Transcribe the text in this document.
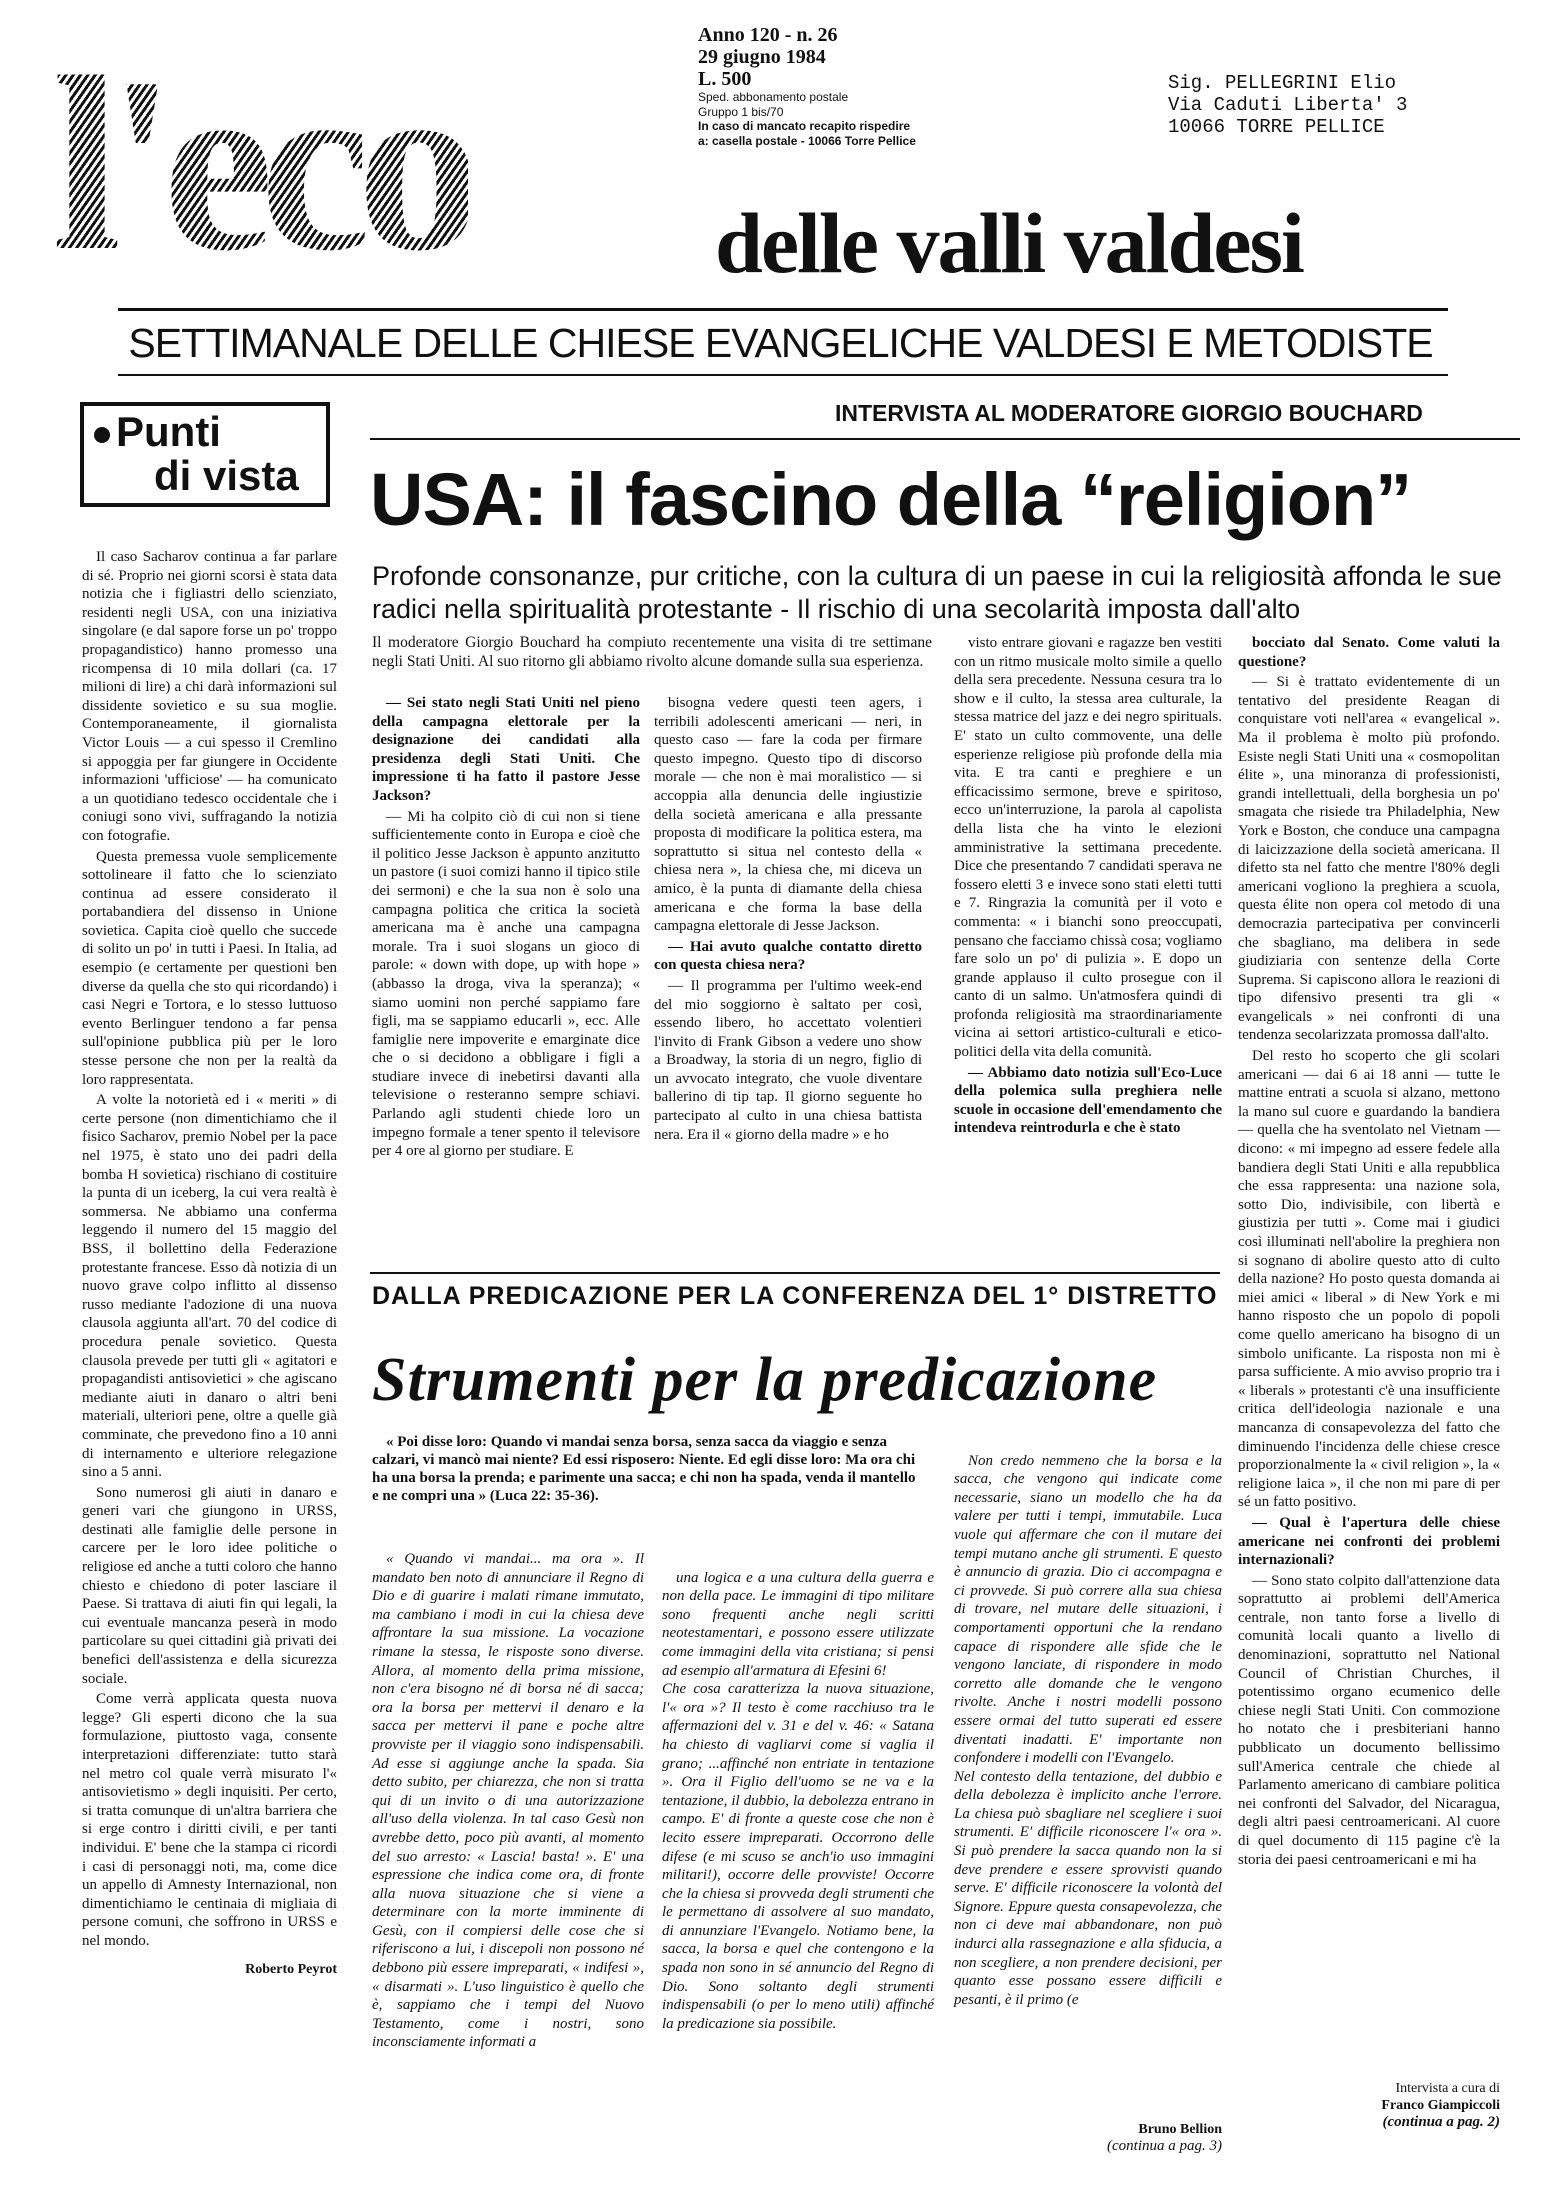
l'eco	Anno 120 - n. 26
29 giugno 1984
L. 500
Sped. abbonamento postale
Gruppo 1 bis/70
In caso di mancato recapito rispedire
a: casella postale - 10066 Torre Pellice
Sig. PELLEGRINI Elio
Via Caduti Liberta' 3
10066 TORRE PELLICE
delle valli valdesi
SETTIMANALE DELLE CHIESE EVANGELICHE VALDESI E METODISTE
Punti
di vista

Il caso Sacharov continua a far parlare di sé. Proprio nei giorni scorsi è stata data notizia che i figliastri dello scienziato, residenti negli USA, con una iniziativa singolare (e dal sapore forse un po' troppo propagandistico) hanno promesso una ricompensa di 10 mila dollari (ca. 17 milioni di lire) a chi darà informazioni sul dissidente sovietico e su sua moglie. Contemporaneamente, il giornalista Victor Louis — a cui spesso il Cremlino si appoggia per far giungere in Occidente informazioni 'ufficiose' — ha comunicato a un quotidiano tedesco occidentale che i coniugi sono vivi, suffragando la notizia con fotografie.

Questa premessa vuole semplicemente sottolineare il fatto che lo scienziato continua ad essere considerato il portabandiera del dissenso in Unione sovietica. Capita cioè quello che succede di solito un po' in tutti i Paesi. In Italia, ad esempio (e certamente per questioni ben diverse da quella che sto qui ricordando) i casi Negri e Tortora, e lo stesso luttuoso evento Berlinguer tendono a far pensa sull'opinione pubblica più per le loro stesse persone che non per la realtà da loro rappresentata.

A volte la notorietà ed i « meriti » di certe persone (non dimentichiamo che il fisico Sacharov, premio Nobel per la pace nel 1975, è stato uno dei padri della bomba H sovietica) rischiano di costituire la punta di un iceberg, la cui vera realtà è sommersa. Ne abbiamo una conferma leggendo il numero del 15 maggio del BSS, il bollettino della Federazione protestante francese. Esso dà notizia di un nuovo grave colpo inflitto al dissenso russo mediante l'adozione di una nuova clausola aggiunta all'art. 70 del codice di procedura penale sovietico. Questa clausola prevede per tutti gli « agitatori e propagandisti antisovietici » che agiscano mediante aiuti in danaro o altri beni materiali, ulteriori pene, oltre a quelle già comminate, che prevedono fino a 10 anni di internamento e ulteriore relegazione sino a 5 anni.

Sono numerosi gli aiuti in danaro e generi vari che giungono in URSS, destinati alle famiglie delle persone in carcere per le loro idee politiche o religiose ed anche a tutti coloro che hanno chiesto e chiedono di poter lasciare il Paese. Si trattava di aiuti fin qui legali, la cui eventuale mancanza peserà in modo particolare su quei cittadini già privati dei benefici dell'assistenza e della sicurezza sociale.

Come verrà applicata questa nuova legge? Gli esperti dicono che la sua formulazione, piuttosto vaga, consente interpretazioni differenziate: tutto starà nel metro col quale verrà misurato l'« antisovietismo » degli inquisiti. Per certo, si tratta comunque di un'altra barriera che si erge contro i diritti civili, e per tanti individui. E' bene che la stampa ci ricordi i casi di personaggi noti, ma, come dice un appello di Amnesty Internazional, non dimentichiamo le centinaia di migliaia di persone comuni, che soffrono in URSS e nel mondo.

Roberto Peyrot
INTERVISTA AL MODERATORE GIORGIO BOUCHARD
USA: il fascino della “religion”
Profonde consonanze, pur critiche, con la cultura di un paese in cui la religiosità affonda le sue radici nella spiritualità protestante - Il rischio di una secolarità imposta dall'alto
Il moderatore Giorgio Bouchard ha compiuto recentemente una visita di tre settimane negli Stati Uniti. Al suo ritorno gli abbiamo rivolto alcune domande sulla sua esperienza.

— Sei stato negli Stati Uniti nel pieno della campagna elettorale per la designazione dei candidati alla presidenza degli Stati Uniti. Che impressione ti ha fatto il pastore Jesse Jackson?

— Mi ha colpito ciò di cui non si tiene sufficientemente conto in Europa e cioè che il politico Jesse Jackson è appunto anzitutto un pastore (i suoi comizi hanno il tipico stile dei sermoni) e che la sua non è solo una campagna politica che critica la società americana ma è anche una campagna morale. Tra i suoi slogans un gioco di parole: « down with dope, up with hope » (abbasso la droga, viva la speranza); « siamo uomini non perché sappiamo fare figli, ma se sappiamo educarli », ecc. Alle famiglie nere impoverite e emarginate dice che o si decidono a obbligare i figli a studiare invece di inebetirsi davanti alla televisione o resteranno sempre schiavi. Parlando agli studenti chiede loro un impegno formale a tener spento il televisore per 4 ore al giorno per studiare. E

bisogna vedere questi teen agers, i terribili adolescenti americani — neri, in questo caso — fare la coda per firmare questo impegno. Questo tipo di discorso morale — che non è mai moralistico — si accoppia alla denuncia delle ingiustizie della società americana e alla pressante proposta di modificare la politica estera, ma soprattutto si situa nel contesto della « chiesa nera », la chiesa che, mi diceva un amico, è la punta di diamante della chiesa americana e che forma la base della campagna elettorale di Jesse Jackson.

— Hai avuto qualche contatto diretto con questa chiesa nera?

— Il programma per l'ultimo week-end del mio soggiorno è saltato per così, essendo libero, ho accettato volentieri l'invito di Frank Gibson a vedere uno show a Broadway, la storia di un negro, figlio di un avvocato integrato, che vuole diventare ballerino di tip tap. Il giorno seguente ho partecipato al culto in una chiesa battista nera. Era il « giorno della madre » e ho

visto entrare giovani e ragazze ben vestiti con un ritmo musicale molto simile a quello della sera precedente. Nessuna cesura tra lo show e il culto, la stessa area culturale, la stessa matrice del jazz e dei negro spirituals. E' stato un culto commovente, una delle esperienze religiose più profonde della mia vita. E tra canti e preghiere e un efficacissimo sermone, breve e spiritoso, ecco un'interruzione, la parola al capolista della lista che ha vinto le elezioni amministrative la settimana precedente. Dice che presentando 7 candidati sperava ne fossero eletti 3 e invece sono stati eletti tutti e 7. Ringrazia la comunità per il voto e commenta: « i bianchi sono preoccupati, pensano che facciamo chissà cosa; vogliamo fare solo un po' di pulizia ». E dopo un grande applauso il culto prosegue con il canto di un salmo. Un'atmosfera quindi di profonda religiosità ma straordinariamente vicina ai settori artistico-culturali e etico-politici della vita della comunità.

— Abbiamo dato notizia sull'Eco-Luce della polemica sulla preghiera nelle scuole in occasione dell'emendamento che intendeva reintrodurla e che è stato

bocciato dal Senato. Come valuti la questione?

— Si è trattato evidentemente di un tentativo del presidente Reagan di conquistare voti nell'area « evangelical ». Ma il problema è molto più profondo. Esiste negli Stati Uniti una « cosmopolitan élite », una minoranza di professionisti, grandi intellettuali, della borghesia un po' smagata che risiede tra Philadelphia, New York e Boston, che conduce una campagna di laicizzazione della società americana. Il difetto sta nel fatto che mentre l'80% degli americani vogliono la preghiera a scuola, questa élite non opera col metodo di una democrazia partecipativa per convincerli che sbagliano, ma delibera in sede giudiziaria con sentenze della Corte Suprema. Si capiscono allora le reazioni di tipo difensivo presenti tra gli « evangelicals » nei confronti di una tendenza secolarizzata promossa dall'alto.

Del resto ho scoperto che gli scolari americani — dai 6 ai 18 anni — tutte le mattine entrati a scuola si alzano, mettono la mano sul cuore e guardando la bandiera — quella che ha sventolato nel Vietnam — dicono: « mi impegno ad essere fedele alla bandiera degli Stati Uniti e alla repubblica che essa rappresenta: una nazione sola, sotto Dio, indivisibile, con libertà e giustizia per tutti ». Come mai i giudici così illuminati nell'abolire la preghiera non si sognano di abolire questo atto di culto della nazione? Ho posto questa domanda ai miei amici « liberal » di New York e mi hanno risposto che un popolo di popoli come quello americano ha bisogno di un simbolo unificante. La risposta non mi è parsa sufficiente. A mio avviso proprio tra i « liberals » protestanti c'è una insufficiente critica dell'ideologia nazionale e una mancanza di consapevolezza del fatto che diminuendo l'incidenza delle chiese cresce proporzionalmente la « civil religion », la « religione laica », il che non mi pare di per sé un fatto positivo.

— Qual è l'apertura delle chiese americane nei confronti dei problemi internazionali?

— Sono stato colpito dall'attenzione data soprattutto ai problemi dell'America centrale, non tanto forse a livello di comunità locali quanto a livello di denominazioni, soprattutto nel National Council of Christian Churches, il potentissimo organo ecumenico delle chiese negli Stati Uniti. Con commozione ho notato che i presbiteriani hanno pubblicato un documento bellissimo sull'America centrale che chiede al Parlamento americano di cambiare politica nei confronti del Salvador, del Nicaragua, degli altri paesi centroamericani. Al cuore di quel documento di 115 pagine c'è la storia dei paesi centroamericani e mi ha

Intervista a cura di
Franco Giampiccoli
(continua a pag. 2)
DALLA PREDICAZIONE PER LA CONFERENZA DEL 1° DISTRETTO
Strumenti per la predicazione

« Poi disse loro: Quando vi mandai senza borsa, senza sacca da viaggio e senza calzari, vi mancò mai niente? Ed essi risposero: Niente. Ed egli disse loro: Ma ora chi ha una borsa la prenda; e parimente una sacca; e chi non ha spada, venda il mantello e ne compri una » (Luca 22: 35-36).

« Quando vi mandai... ma ora ». Il mandato ben noto di annunciare il Regno di Dio e di guarire i malati rimane immutato, ma cambiano i modi in cui la chiesa deve affrontare la sua missione. La vocazione rimane la stessa, le risposte sono diverse. Allora, al momento della prima missione, non c'era bisogno né di borsa né di sacca; ora la borsa per mettervi il denaro e la sacca per mettervi il pane e poche altre provviste per il viaggio sono indispensabili. Ad esse si aggiunge anche la spada. Sia detto subito, per chiarezza, che non si tratta qui di un invito o di una autorizzazione all'uso della violenza. In tal caso Gesù non avrebbe detto, poco più avanti, al momento del suo arresto: « Lascia! basta! ». E' una espressione che indica come ora, di fronte alla nuova situazione che si viene a determinare con la morte imminente di Gesù, con il compiersi delle cose che si riferiscono a lui, i discepoli non possono né debbono più essere impreparati, « indifesi », « disarmati ». L'uso linguistico è quello che è, sappiamo che i tempi del Nuovo Testamento, come i nostri, sono inconsciamente informati a

una logica e a una cultura della guerra e non della pace. Le immagini di tipo militare sono frequenti anche negli scritti neotestamentari, e possono essere utilizzate come immagini della vita cristiana; si pensi ad esempio all'armatura di Efesini 6!
Che cosa caratterizza la nuova situazione, l'« ora »? Il testo è come racchiuso tra le affermazioni del v. 31 e del v. 46: « Satana ha chiesto di vagliarvi come si vaglia il grano; ...affinché non entriate in tentazione ». Ora il Figlio dell'uomo se ne va e la tentazione, il dubbio, la debolezza entrano in campo. E' di fronte a queste cose che non è lecito essere impreparati. Occorrono delle difese (e mi scuso se anch'io uso immagini militari!), occorre delle provviste! Occorre che la chiesa si provveda degli strumenti che le permettano di assolvere al suo mandato, di annunziare l'Evangelo. Notiamo bene, la sacca, la borsa e quel che contengono e la spada non sono in sé annuncio del Regno di Dio. Sono soltanto degli strumenti indispensabili (o per lo meno utili) affinché la predicazione sia possibile.

Non credo nemmeno che la borsa e la sacca, che vengono qui indicate come necessarie, siano un modello che ha da valere per tutti i tempi, immutabile. Luca vuole qui affermare che con il mutare dei tempi mutano anche gli strumenti. E questo è annuncio di grazia. Dio ci accompagna e ci provvede. Si può correre alla sua chiesa di trovare, nel mutare delle situazioni, i comportamenti opportuni che la rendano capace di rispondere alle sfide che le vengono lanciate, di rispondere in modo corretto alle domande che le vengono rivolte. Anche i nostri modelli possono essere ormai del tutto superati ed essere diventati inadatti. E' importante non confondere i modelli con l'Evangelo.
Nel contesto della tentazione, del dubbio e della debolezza è implicito anche l'errore. La chiesa può sbagliare nel scegliere i suoi strumenti. E' difficile riconoscere l'« ora ». Si può prendere la sacca quando non la si deve prendere e essere sprovvisti quando serve. E' difficile riconoscere la volontà del Signore. Eppure questa consapevolezza, che non ci deve mai abbandonare, non può indurci alla rassegnazione e alla sfiducia, a non scegliere, a non prendere decisioni, per quanto esse possano essere difficili e pesanti, è il primo (e

Bruno Bellion
(continua a pag. 3)
